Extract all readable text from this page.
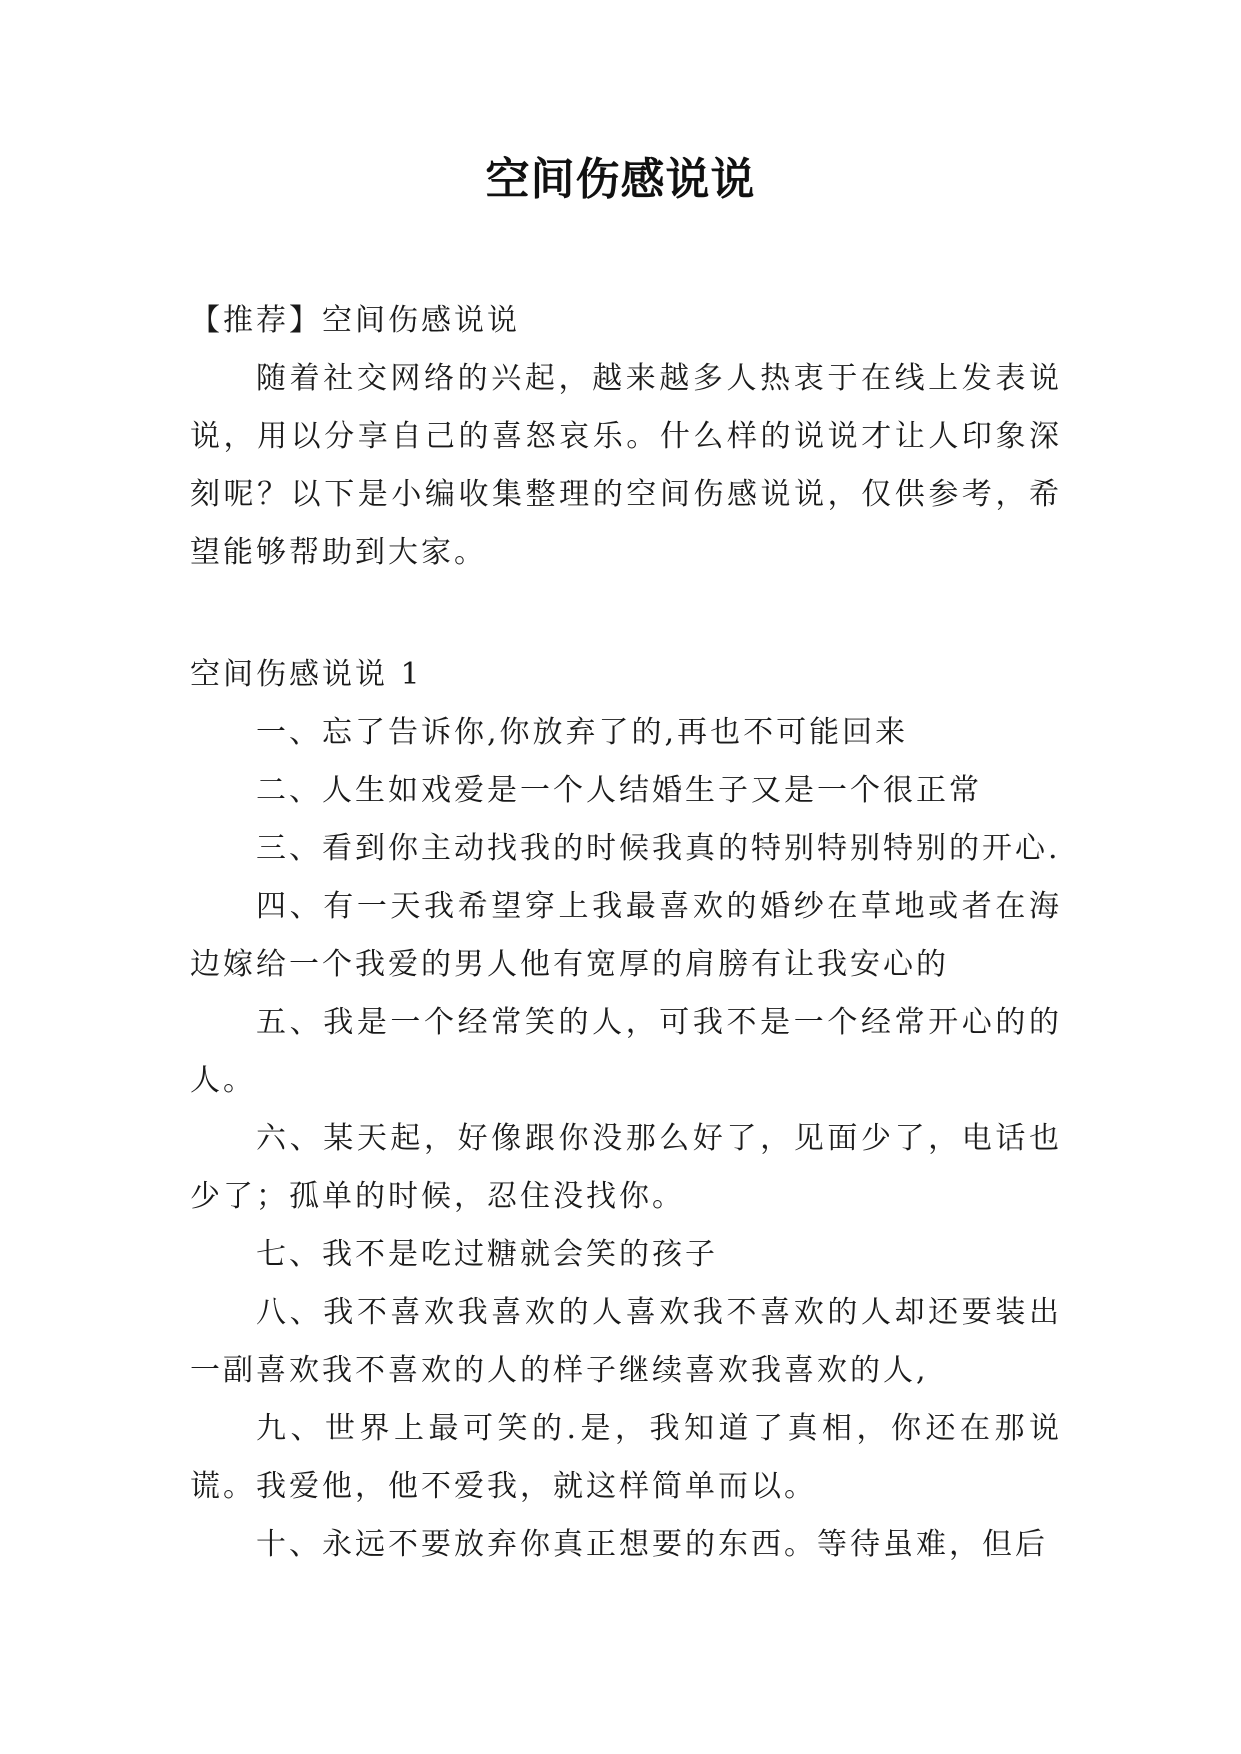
空间伤感说说

【推荐】空间伤感说说

随着社交网络的兴起，越来越多人热衷于在线上发表说说，用以分享自己的喜怒哀乐。什么样的说说才让人印象深刻呢？以下是小编收集整理的空间伤感说说，仅供参考，希望能够帮助到大家。

空间伤感说说 1

一、忘了告诉你,你放弃了的,再也不可能回来

二、人生如戏爱是一个人结婚生子又是一个很正常

三、看到你主动找我的时候我真的特别特别特别的开心.

四、有一天我希望穿上我最喜欢的婚纱在草地或者在海边嫁给一个我爱的男人他有宽厚的肩膀有让我安心的

五、我是一个经常笑的人，可我不是一个经常开心的的人。

六、某天起，好像跟你没那么好了，见面少了，电话也少了；孤单的时候，忍住没找你。

七、我不是吃过糖就会笑的孩子

八、我不喜欢我喜欢的人喜欢我不喜欢的人却还要装出一副喜欢我不喜欢的人的样子继续喜欢我喜欢的人,

九、世界上最可笑的.是，我知道了真相，你还在那说谎。我爱他，他不爱我，就这样简单而以。

十、永远不要放弃你真正想要的东西。等待虽难，但后
